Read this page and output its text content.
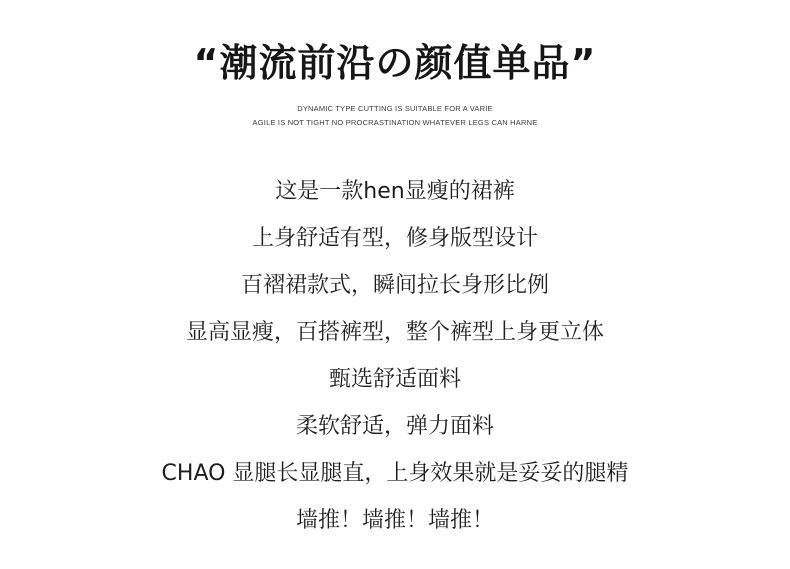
“潮流前沿の颜值单品”
DYNAMIC TYPE CUTTING IS SUITABLE FOR A VARIE
AGILE IS NOT TIGHT NO PROCRASTINATION WHATEVER LEGS CAN HARNE
这是一款hen显瘦的裙裤
上身舒适有型，修身版型设计
百褶裙款式，瞬间拉长身形比例
显高显瘦，百搭裤型，整个裤型上身更立体
甄选舒适面料
柔软舒适，弹力面料
CHAO 显腿长显腿直，上身效果就是妥妥的腿精
墙推！墙推！墙推！
